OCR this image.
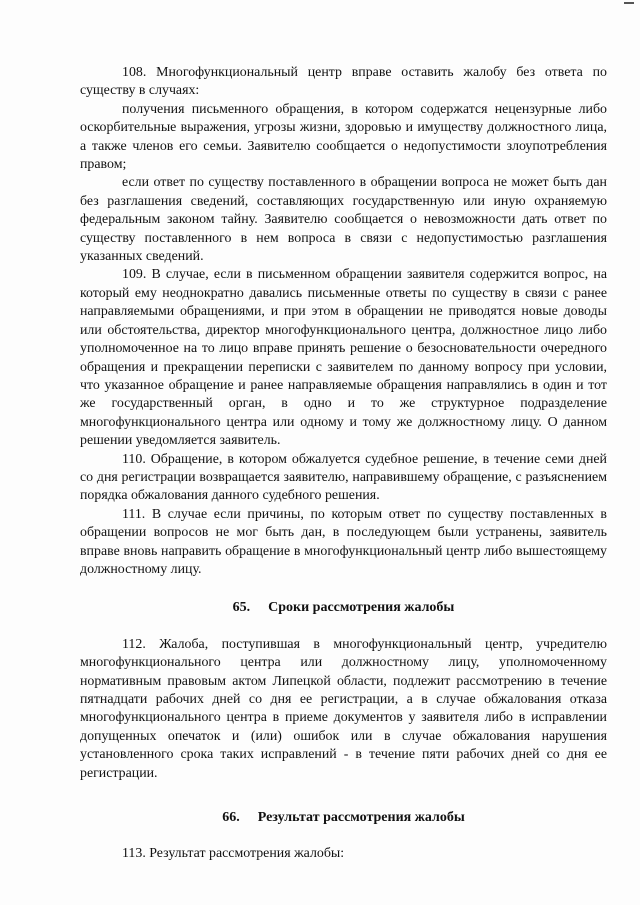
108. Многофункциональный центр вправе оставить жалобу без ответа по существу в случаях:

получения письменного обращения, в котором содержатся нецензурные либо оскорбительные выражения, угрозы жизни, здоровью и имуществу должностного лица, а также членов его семьи. Заявителю сообщается о недопустимости злоупотребления правом;

если ответ по существу поставленного в обращении вопроса не может быть дан без разглашения сведений, составляющих государственную или иную охраняемую федеральным законом тайну. Заявителю сообщается о невозможности дать ответ по существу поставленного в нем вопроса в связи с недопустимостью разглашения указанных сведений.

109. В случае, если в письменном обращении заявителя содержится вопрос, на который ему неоднократно давались письменные ответы по существу в связи с ранее направляемыми обращениями, и при этом в обращении не приводятся новые доводы или обстоятельства, директор многофункционального центра, должностное лицо либо уполномоченное на то лицо вправе принять решение о безосновательности очередного обращения и прекращении переписки с заявителем по данному вопросу при условии, что указанное обращение и ранее направляемые обращения направлялись в один и тот же государственный орган, в одно и то же структурное подразделение многофункционального центра или одному и тому же должностному лицу. О данном решении уведомляется заявитель.

110. Обращение, в котором обжалуется судебное решение, в течение семи дней со дня регистрации возвращается заявителю, направившему обращение, с разъяснением порядка обжалования данного судебного решения.

111. В случае если причины, по которым ответ по существу поставленных в обращении вопросов не мог быть дан, в последующем были устранены, заявитель вправе вновь направить обращение в многофункциональный центр либо вышестоящему должностному лицу.

65. Сроки рассмотрения жалобы

112. Жалоба, поступившая в многофункциональный центр, учредителю многофункционального центра или должностному лицу, уполномоченному нормативным правовым актом Липецкой области, подлежит рассмотрению в течение пятнадцати рабочих дней со дня ее регистрации, а в случае обжалования отказа многофункционального центра в приеме документов у заявителя либо в исправлении допущенных опечаток и (или) ошибок или в случае обжалования нарушения установленного срока таких исправлений - в течение пяти рабочих дней со дня ее регистрации.

66. Результат рассмотрения жалобы

113. Результат рассмотрения жалобы:
